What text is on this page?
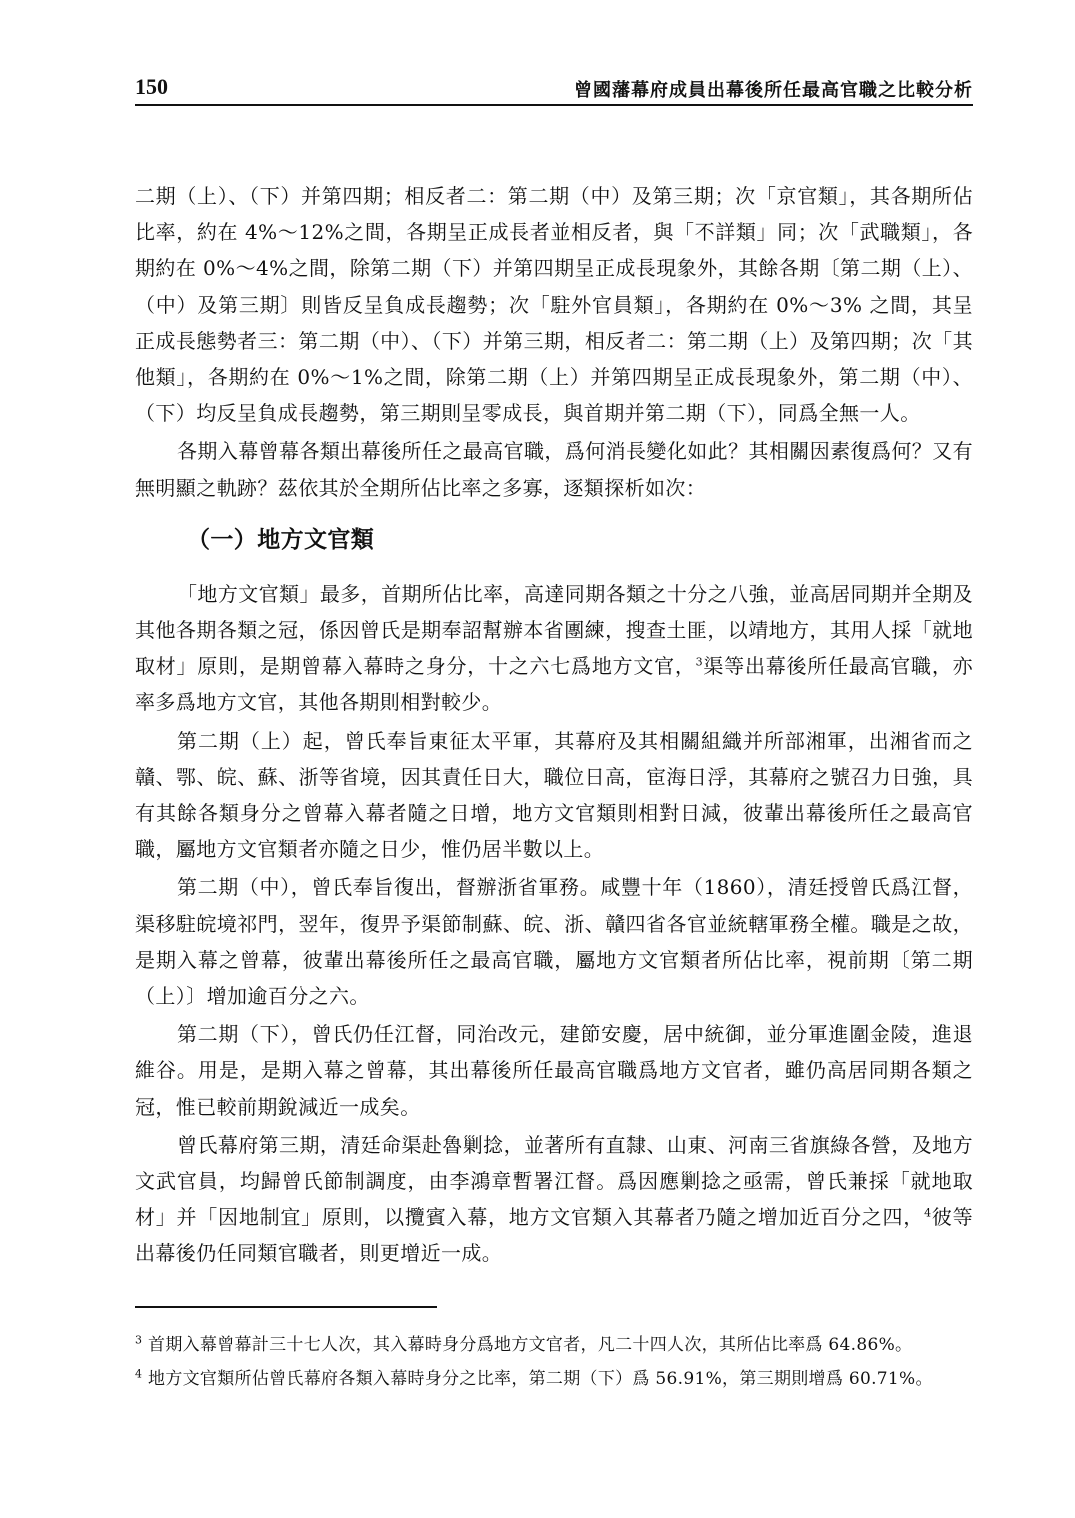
150	曾國藩幕府成員出幕後所任最高官職之比較分析

二期（上）、（下）并第四期；相反者二：第二期（中）及第三期；次「京官類」，其各期所佔比率，約在 4%～12%之間，各期呈正成長者並相反者，與「不詳類」同；次「武職類」，各期約在 0%～4%之間，除第二期（下）并第四期呈正成長現象外，其餘各期〔第二期（上）、（中）及第三期〕則皆反呈負成長趨勢；次「駐外官員類」，各期約在 0%～3% 之間，其呈正成長態勢者三：第二期（中）、（下）并第三期，相反者二：第二期（上）及第四期；次「其他類」，各期約在 0%～1%之間，除第二期（上）并第四期呈正成長現象外，第二期（中）、（下）均反呈負成長趨勢，第三期則呈零成長，與首期并第二期（下），同爲全無一人。

各期入幕曾幕各類出幕後所任之最高官職，爲何消長變化如此？其相關因素復爲何？又有無明顯之軌跡？茲依其於全期所佔比率之多寡，逐類探析如次：

（一）地方文官類

「地方文官類」最多，首期所佔比率，高達同期各類之十分之八強，並高居同期并全期及其他各期各類之冠，係因曾氏是期奉詔幫辦本省團練，搜查土匪，以靖地方，其用人採「就地取材」原則，是期曾幕入幕時之身分，十之六七爲地方文官，$^3$渠等出幕後所任最高官職，亦率多爲地方文官，其他各期則相對較少。

第二期（上）起，曾氏奉旨東征太平軍，其幕府及其相關組織并所部湘軍，出湘省而之贛、鄂、皖、蘇、浙等省境，因其責任日大，職位日高，宦海日浮，其幕府之號召力日強，具有其餘各類身分之曾幕入幕者隨之日增，地方文官類則相對日減，彼輩出幕後所任之最高官職，屬地方文官類者亦隨之日少，惟仍居半數以上。

第二期（中），曾氏奉旨復出，督辦浙省軍務。咸豐十年（1860），清廷授曾氏爲江督，渠移駐皖境祁門，翌年，復畀予渠節制蘇、皖、浙、贛四省各官並統轄軍務全權。職是之故，是期入幕之曾幕，彼輩出幕後所任之最高官職，屬地方文官類者所佔比率，視前期〔第二期（上）〕增加逾百分之六。

第二期（下），曾氏仍任江督，同治改元，建節安慶，居中統御，並分軍進圍金陵，進退維谷。用是，是期入幕之曾幕，其出幕後所任最高官職爲地方文官者，雖仍高居同期各類之冠，惟已較前期銳減近一成矣。

曾氏幕府第三期，清廷命渠赴魯剿捻，並著所有直隸、山東、河南三省旗綠各營，及地方文武官員，均歸曾氏節制調度，由李鴻章暫署江督。爲因應剿捻之亟需，曾氏兼採「就地取材」并「因地制宜」原則，以攬賓入幕，地方文官類入其幕者乃隨之增加近百分之四，$^4$彼等出幕後仍任同類官職者，則更增近一成。

$^3$ 首期入幕曾幕計三十七人次，其入幕時身分爲地方文官者，凡二十四人次，其所佔比率爲 64.86%。

$^4$ 地方文官類所佔曾氏幕府各類入幕時身分之比率，第二期（下）爲 56.91%，第三期則增爲 60.71%。
